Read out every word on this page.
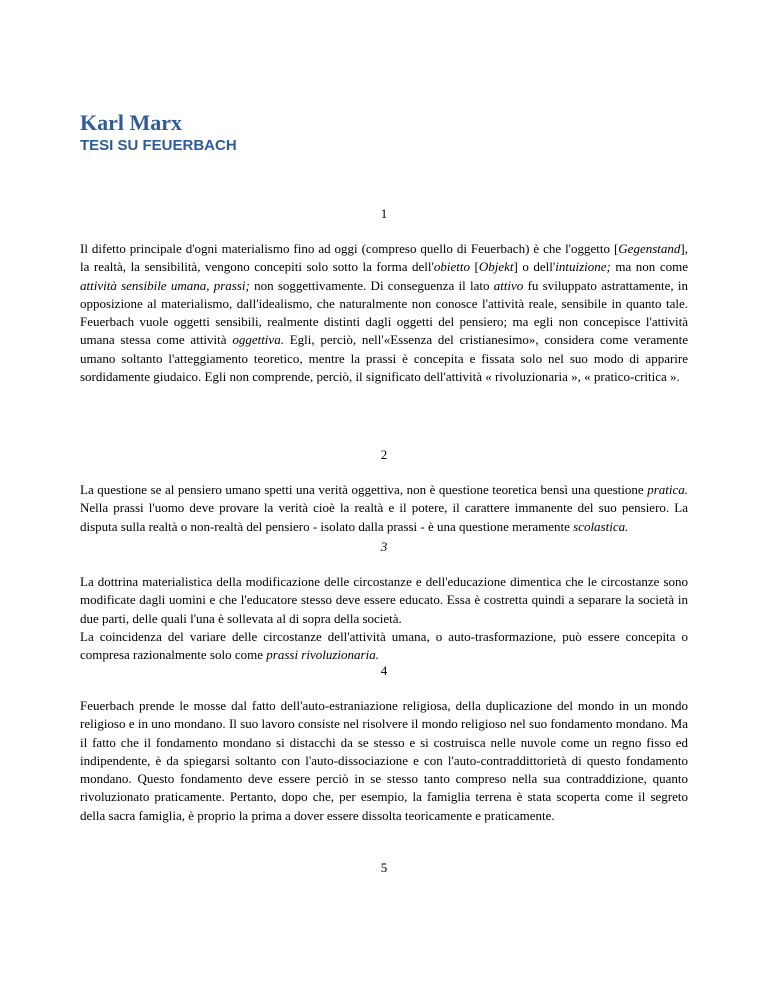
Karl Marx
TESI SU FEUERBACH
1

Il difetto principale d'ogni materialismo fino ad oggi (compreso quello di Feuerbach) è che l'oggetto [Gegenstand], la realtà, la sensibilità, vengono concepiti solo sotto la forma dell'obietto [Objekt] o dell'intuizione; ma non come attività sensibile umana, prassi; non soggettivamente. Di conseguenza il lato attivo fu sviluppato astrattamente, in opposizione al materialismo, dall'idealismo, che naturalmente non conosce l'attività reale, sensibile in quanto tale. Feuerbach vuole oggetti sensibili, realmente distinti dagli oggetti del pensiero; ma egli non concepisce l'attività umana stessa come attività oggettiva. Egli, perciò, nell'«Essenza del cristianesimo», considera come veramente umano soltanto l'atteggiamento teoretico, mentre la prassi è concepita e fissata solo nel suo modo di apparire sordidamente giudaico. Egli non comprende, perciò, il significato dell'attività « rivoluzionaria », « pratico-critica ».

2

La questione se al pensiero umano spetti una verità oggettiva, non è questione teoretica bensì una questione pratica. Nella prassi l'uomo deve provare la verità cioè la realtà e il potere, il carattere immanente del suo pensiero. La disputa sulla realtà o non-realtà del pensiero - isolato dalla prassi - è una questione meramente scolastica.

3

La dottrina materialistica della modificazione delle circostanze e dell'educazione dimentica che le circostanze sono modificate dagli uomini e che l'educatore stesso deve essere educato. Essa è costretta quindi a separare la società in due parti, delle quali l'una è sollevata al di sopra della società.
La coincidenza del variare delle circostanze dell'attività umana, o auto-trasformazione, può essere concepita o compresa razionalmente solo come prassi rivoluzionaria.

4

Feuerbach prende le mosse dal fatto dell'auto-estraniazione religiosa, della duplicazione del mondo in un mondo religioso e in uno mondano. Il suo lavoro consiste nel risolvere il mondo religioso nel suo fondamento mondano. Ma il fatto che il fondamento mondano si distacchi da se stesso e si costruisca nelle nuvole come un regno fisso ed indipendente, è da spiegarsi soltanto con l'auto-dissociazione e con l'auto-contraddittorietà di questo fondamento mondano. Questo fondamento deve essere perciò in se stesso tanto compreso nella sua contraddizione, quanto rivoluzionato praticamente. Pertanto, dopo che, per esempio, la famiglia terrena è stata scoperta come il segreto della sacra famiglia, è proprio la prima a dover essere dissolta teoricamente e praticamente.

5
